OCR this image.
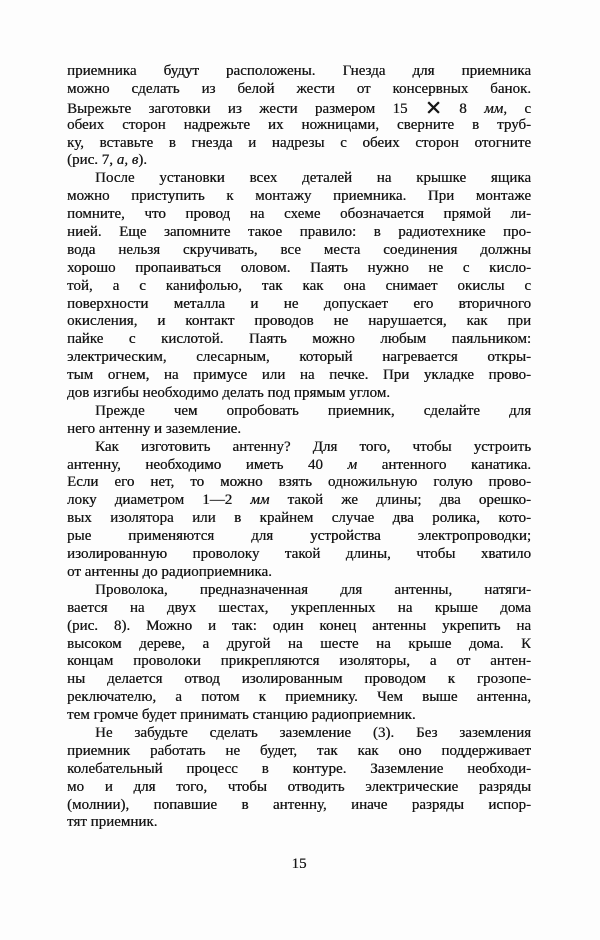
приемника будут расположены. Гнезда для приемника
можно сделать из белой жести от консервных банок.
Вырежьте заготовки из жести размером 15 ✕ 8 мм, с
обеих сторон надрежьте их ножницами, сверните в труб-
ку, вставьте в гнезда и надрезы с обеих сторон отогните
(рис. 7, а, в).
После установки всех деталей на крышке ящика
можно приступить к монтажу приемника. При монтаже
помните, что провод на схеме обозначается прямой ли-
нией. Еще запомните такое правило: в радиотехнике про-
вода нельзя скручивать, все места соединения должны
хорошо пропаиваться оловом. Паять нужно не с кисло-
той, а с канифолью, так как она снимает окислы с
поверхности металла и не допускает его вторичного
окисления, и контакт проводов не нарушается, как при
пайке с кислотой. Паять можно любым паяльником:
электрическим, слесарным, который нагревается откры-
тым огнем, на примусе или на печке. При укладке прово-
дов изгибы необходимо делать под прямым углом.
Прежде чем опробовать приемник, сделайте для
него антенну и заземление.
Как изготовить антенну? Для того, чтобы устроить
антенну, необходимо иметь 40 м антенного канатика.
Если его нет, то можно взять одножильную голую прово-
локу диаметром 1—2 мм такой же длины; два орешко-
вых изолятора или в крайнем случае два ролика, кото-
рые применяются для устройства электропроводки;
изолированную проволоку такой длины, чтобы хватило
от антенны до радиоприемника.
Проволока, предназначенная для антенны, натяги-
вается на двух шестах, укрепленных на крыше дома
(рис. 8). Можно и так: один конец антенны укрепить на
высоком дереве, а другой на шесте на крыше дома. К
концам проволоки прикрепляются изоляторы, а от антен-
ны делается отвод изолированным проводом к грозопе-
реключателю, а потом к приемнику. Чем выше антенна,
тем громче будет принимать станцию радиоприемник.
Не забудьте сделать заземление (3). Без заземления
приемник работать не будет, так как оно поддерживает
колебательный процесс в контуре. Заземление необходи-
мо и для того, чтобы отводить электрические разряды
(молнии), попавшие в антенну, иначе разряды испор-
тят приемник.
15
